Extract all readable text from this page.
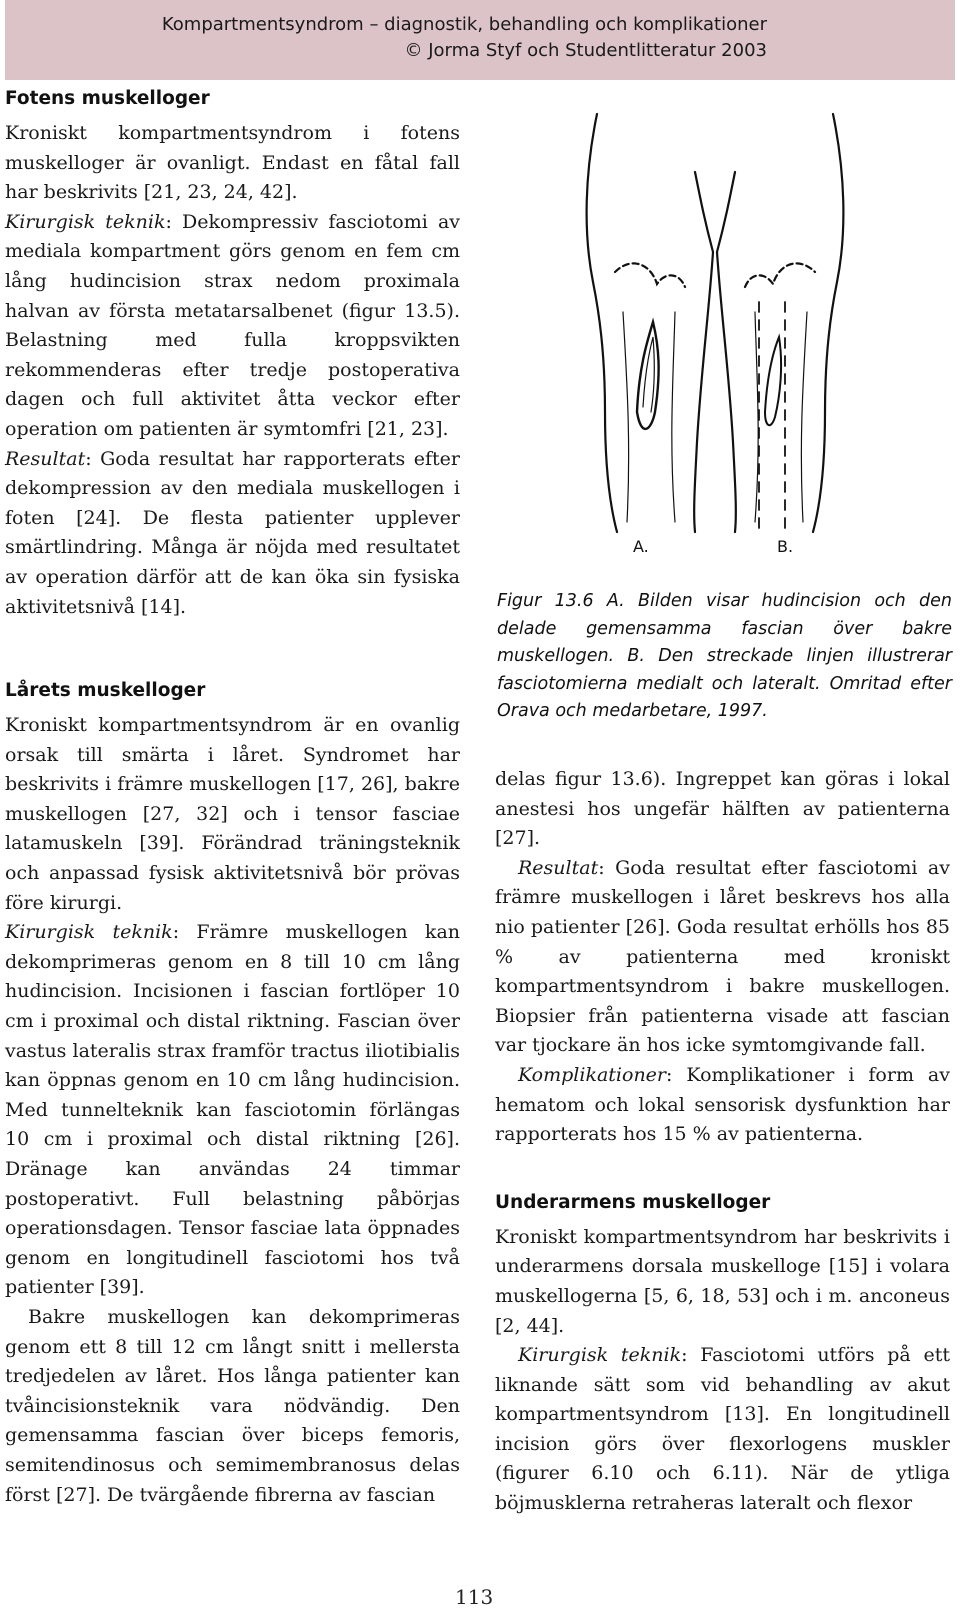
Kompartmentsyndrom – diagnostik, behandling och komplikationer
© Jorma Styf och Studentlitteratur 2003
Fotens muskelloger

Kroniskt kompartmentsyndrom i fotens muskelloger är ovanligt. Endast en fåtal fall har beskrivits [21, 23, 24, 42].

Kirurgisk teknik: Dekompressiv fasciotomi av mediala kompartment görs genom en fem cm lång hudincision strax nedom proximala halvan av första metatarsalbenet (figur 13.5). Belastning med fulla kroppsvikten rekommenderas efter tredje postoperativa dagen och full aktivitet åtta veckor efter operation om patienten är symtomfri [21, 23].

Resultat: Goda resultat har rapporterats efter dekompression av den mediala muskellogen i foten [24]. De flesta patienter upplever smärtlindring. Många är nöjda med resultatet av operation därför att de kan öka sin fysiska aktivitetsnivå [14].

Lårets muskelloger

Kroniskt kompartmentsyndrom är en ovanlig orsak till smärta i låret. Syndromet har beskrivits i främre muskellogen [17, 26], bakre muskellogen [27, 32] och i tensor fasciae latamuskeln [39]. Förändrad träningsteknik och anpassad fysisk aktivitetsnivå bör prövas före kirurgi.

Kirurgisk teknik: Främre muskellogen kan dekomprimeras genom en 8 till 10 cm lång hudincision. Incisionen i fascian fortlöper 10 cm i proximal och distal riktning. Fascian över vastus lateralis strax framför tractus iliotibialis kan öppnas genom en 10 cm lång hudincision. Med tunnelteknik kan fasciotomin förlängas 10 cm i proximal och distal riktning [26]. Dränage kan användas 24 timmar postoperativt. Full belastning påbörjas operationsdagen. Tensor fasciae lata öppnades genom en longitudinell fasciotomi hos två patienter [39].

Bakre muskellogen kan dekomprimeras genom ett 8 till 12 cm långt snitt i mellersta tredjedelen av låret. Hos långa patienter kan tvåincisionsteknik vara nödvändig. Den gemensamma fascian över biceps femoris, semitendinosus och semimembranosus delas först [27]. De tvärgående fibrerna av fascian

A.	B.

Figur 13.6 A. Bilden visar hudincision och den delade gemensamma fascian över bakre muskellogen. B. Den streckade linjen illustrerar fasciotomierna medialt och lateralt. Omritad efter Orava och medarbetare, 1997.

delas figur 13.6). Ingreppet kan göras i lokal anestesi hos ungefär hälften av patienterna [27].

Resultat: Goda resultat efter fasciotomi av främre muskellogen i låret beskrevs hos alla nio patienter [26]. Goda resultat erhölls hos 85 % av patienterna med kroniskt kompartmentsyndrom i bakre muskellogen. Biopsier från patienterna visade att fascian var tjockare än hos icke symtomgivande fall.

Komplikationer: Komplikationer i form av hematom och lokal sensorisk dysfunktion har rapporterats hos 15 % av patienterna.

Underarmens muskelloger

Kroniskt kompartmentsyndrom har beskrivits i underarmens dorsala muskelloge [15] i volara muskellogerna [5, 6, 18, 53] och i m. anconeus [2, 44].

Kirurgisk teknik: Fasciotomi utförs på ett liknande sätt som vid behandling av akut kompartmentsyndrom [13]. En longitudinell incision görs över flexorlogens muskler (figurer 6.10 och 6.11). När de ytliga böjmusklerna retraheras lateralt och flexor

113
